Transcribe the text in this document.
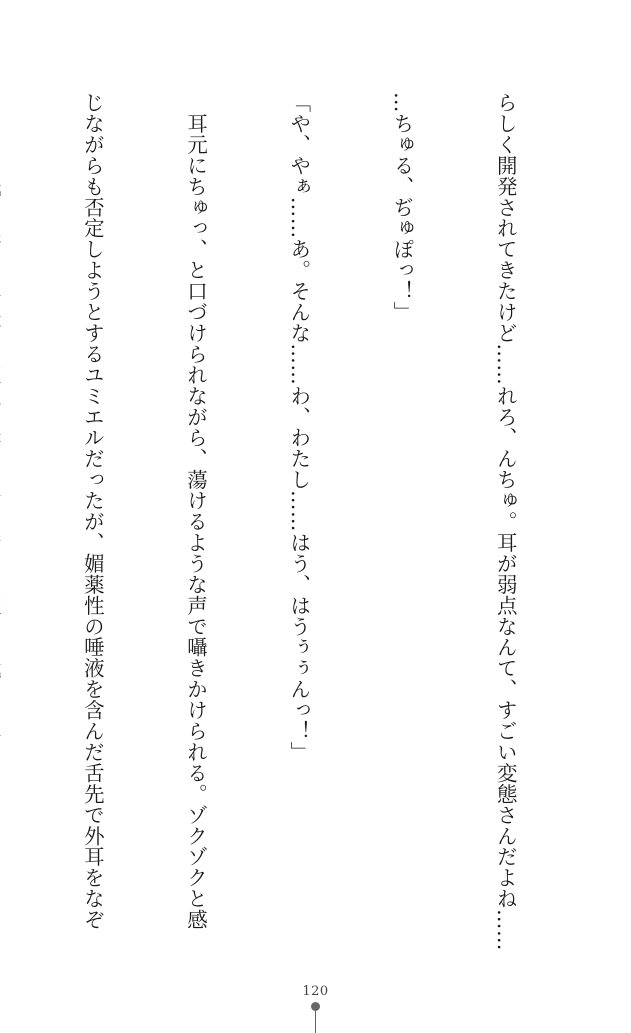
らしく開発されてきたけど……れろ、んちゅ。耳が弱点なんて、すごい変態さんだよね……

…ちゅる、ぢゅぽっ！」

「や、やぁ……あ。そんな……わ、わたし……はう、はうぅぅんっ！」

　耳元にちゅっ、と口づけられながら、蕩けるような声で囁きかけられる。ゾクゾクと感

じながらも否定しようとするユミエルだったが、媚薬性の唾液を含んだ舌先で外耳をなぞ

120
